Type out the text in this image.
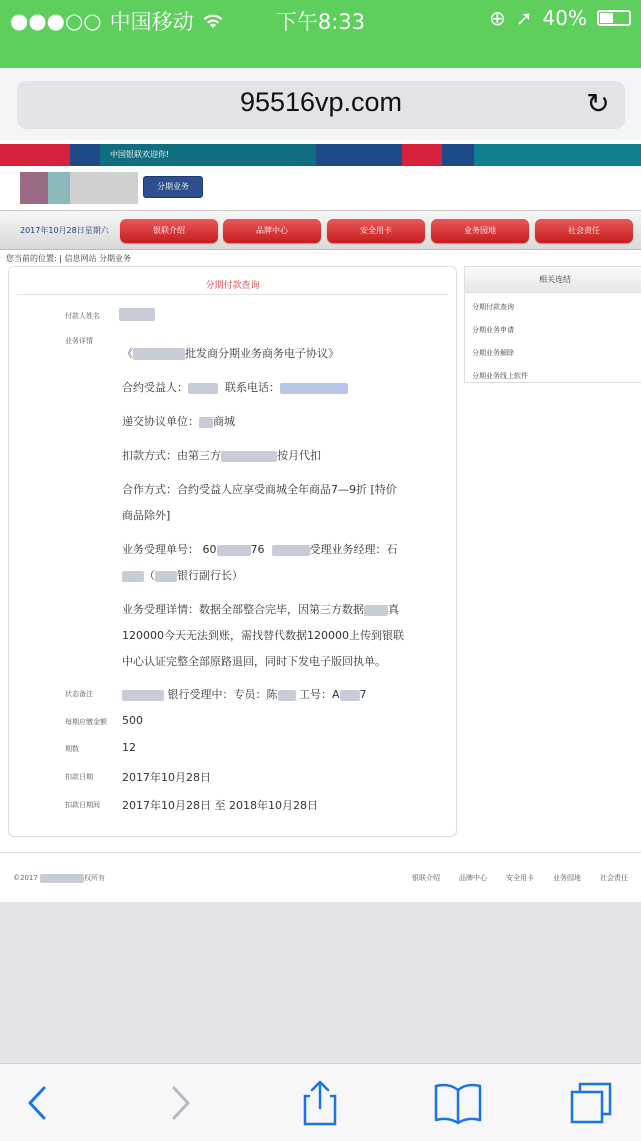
●●●○○ 中国移动	下午8:33	⊕ ➚ 40%
95516vp.com	↻
中国银联欢迎你!
分期业务
2017年10月28日星期六	银联介绍	品牌中心	安全用卡	业务园地	社会责任
您当前的位置: | 信息网站 分期业务
分期付款查询
付款人姓名
业务详情
《	批发商分期业务商务电子协议》
合约受益人：	联系电话：
递交协议单位： 商城
扣款方式：由第三方	按月代扣
合作方式：合约受益人应享受商城全年商品7—9折 [特价
商品除外]
业务受理单号： 60	76	受理业务经理：石
（ 银行副行长）
业务受理详情：数据全部整合完毕，因第三方数据 真
120000今天无法到账，需找替代数据120000上传到银联
中心认证完整全部原路退回，同时下发电子版回执单。
状态备注	银行受理中：专员：陈 工号：A 7
每期应缴金额 500
期数	12
扣款日期	2017年10月28日
扣款日期间 2017年10月28日 至 2018年10月28日
相关连结
分期付款查询
分期业务申请
分期业务解除
分期业务线上软件
©2017	权所有	银联介绍	品牌中心	安全用卡	业务园地	社会责任
